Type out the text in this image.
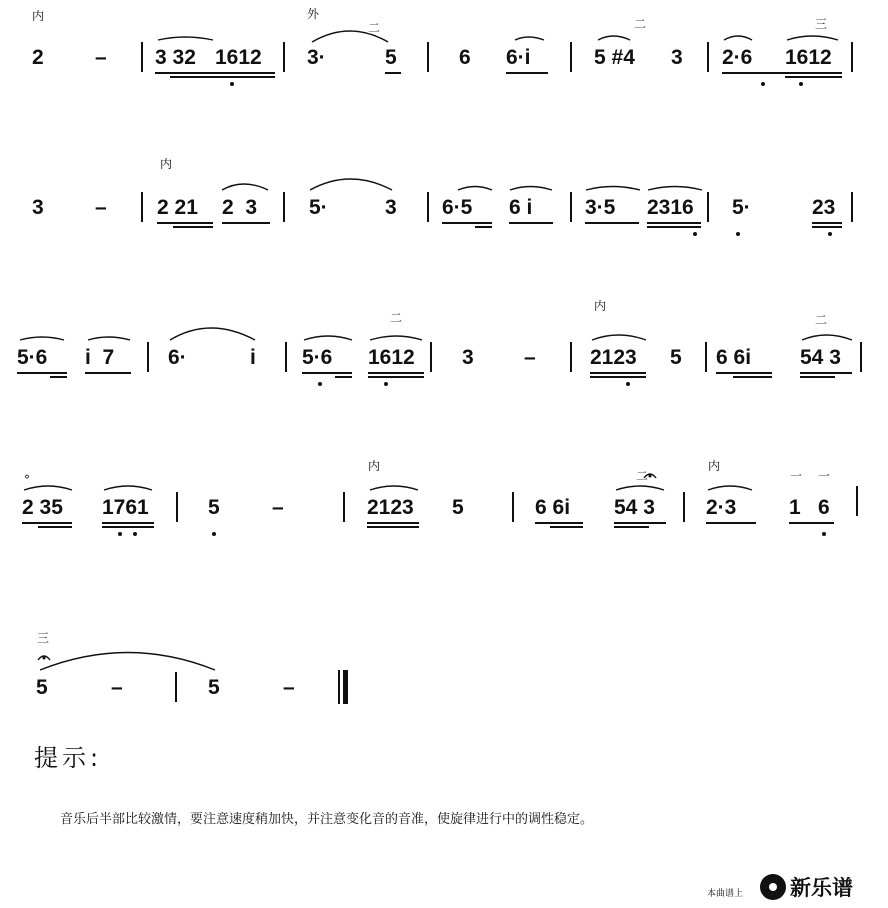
内	外
二	三
二
2 – 3 32 1612 3·	5	6 6·i	5 #4 3 2·6 1612
内
3 – 2 21 2  3 5·	3 6·5 6 i	3·5 2316 5·	23
二
内
二
5·6 i  7	6·	i 5·6 1612 3 –	2123 5 6 6i 54 3
°
内
二
内
一 一
2 35 1761	5 –	2123 5	6 6i 54 3 2·3	1 6
三
5	–	5	–
提示:
音乐后半部比较激情，要注意速度稍加快，并注意变化音的音准，使旋律进行中的调性稳定。
本曲谱上 新乐谱
